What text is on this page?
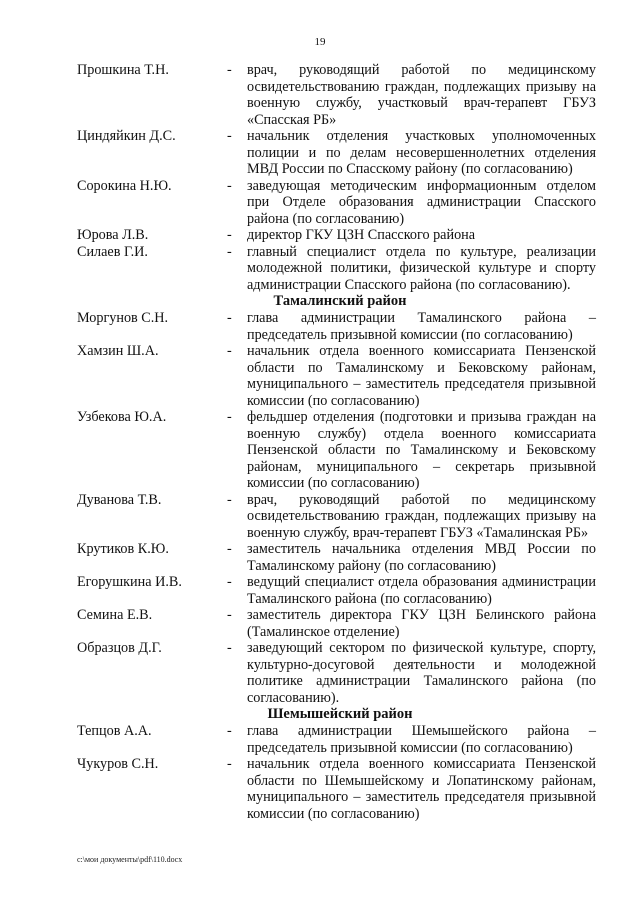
19
Прошкина Т.Н.	- врач, руководящий работой по медицинскому освидетельствованию граждан, подлежащих призыву на военную службу, участковый врач-терапевт ГБУЗ «Спасская РБ»
Циндяйкин Д.С.	- начальник отделения участковых уполномоченных полиции и по делам несовершеннолетних отделения МВД России по Спасскому району (по согласованию)
Сорокина Н.Ю.	- заведующая методическим информационным отделом при Отделе образования администрации Спасского района (по согласованию)
Юрова Л.В.	- директор ГКУ ЦЗН Спасского района
Силаев Г.И.	- главный специалист отдела по культуре, реализации молодежной политики, физической культуре и спорту администрации Спасского района (по согласованию).
Тамалинский район
Моргунов С.Н.	- глава администрации Тамалинского района – председатель призывной комиссии (по согласованию)
Хамзин Ш.А.	- начальник отдела военного комиссариата Пензенской области по Тамалинскому и Бековскому районам, муниципального – заместитель председателя призывной комиссии (по согласованию)
Узбекова Ю.А.	- фельдшер отделения (подготовки и призыва граждан на военную службу) отдела военного комиссариата Пензенской области по Тамалинскому и Бековскому районам, муниципального – секретарь призывной комиссии (по согласованию)
Дуванова Т.В.	- врач, руководящий работой по медицинскому освидетельствованию граждан, подлежащих призыву на военную службу, врач-терапевт ГБУЗ «Тамалинская РБ»
Крутиков К.Ю.	- заместитель начальника отделения МВД России по Тамалинскому району (по согласованию)
Егорушкина И.В.	- ведущий специалист отдела образования администрации Тамалинского района (по согласованию)
Семина Е.В.	- заместитель директора ГКУ ЦЗН Белинского района (Тамалинское отделение)
Образцов Д.Г.	- заведующий сектором по физической культуре, спорту, культурно-досуговой деятельности и молодежной политике администрации Тамалинского района (по согласованию).
Шемышейский район
Тепцов А.А.	- глава администрации Шемышейского района – председатель призывной комиссии (по согласованию)
Чукуров С.Н.	- начальник отдела военного комиссариата Пензенской области по Шемышейскому и Лопатинскому районам, муниципального – заместитель председателя призывной комиссии (по согласованию)
c:\мои документы\pdf\110.docx
